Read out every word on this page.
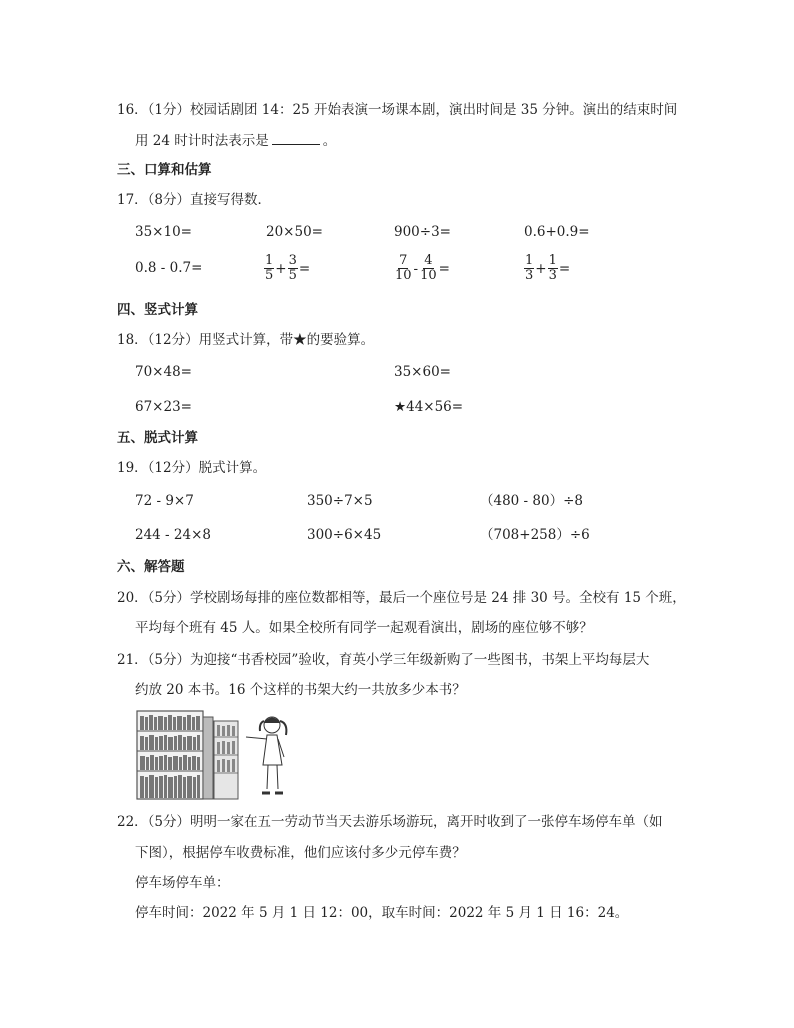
16．（1分）校园话剧团 14：25 开始表演一场课本剧，演出时间是 35 分钟。演出的结束时间
用 24 时计时法表示是	。
三、口算和估算
17．（8分）直接写得数．
35×10=	20×50=	900÷3=	0.6+0.9=
0.8 - 0.7=	$\frac{1}{5} + \frac{3}{5}$ =	$\frac{7}{10} - \frac{4}{10}$ =	$\frac{1}{3} + \frac{1}{3}$ =
四、竖式计算
18．（12分）用竖式计算，带★的要验算。
70×48=	35×60=
67×23=	★44×56=
五、脱式计算
19．（12分）脱式计算。
72 - 9×7	350÷7×5	（480 - 80）÷8
244 - 24×8	300÷6×45	（708+258）÷6
六、解答题
20．（5分）学校剧场每排的座位数都相等，最后一个座位号是 24 排 30 号。全校有 15 个班，
平均每个班有 45 人。如果全校所有同学一起观看演出，剧场的座位够不够？
21．（5分）为迎接“书香校园”验收，育英小学三年级新购了一些图书，书架上平均每层大
约放 20 本书。16 个这样的书架大约一共放多少本书？
22．（5分）明明一家在五一劳动节当天去游乐场游玩，离开时收到了一张停车场停车单（如
下图），根据停车收费标准，他们应该付多少元停车费？
停车场停车单：
停车时间：2022 年 5 月 1 日 12：00，取车时间：2022 年 5 月 1 日 16：24。
